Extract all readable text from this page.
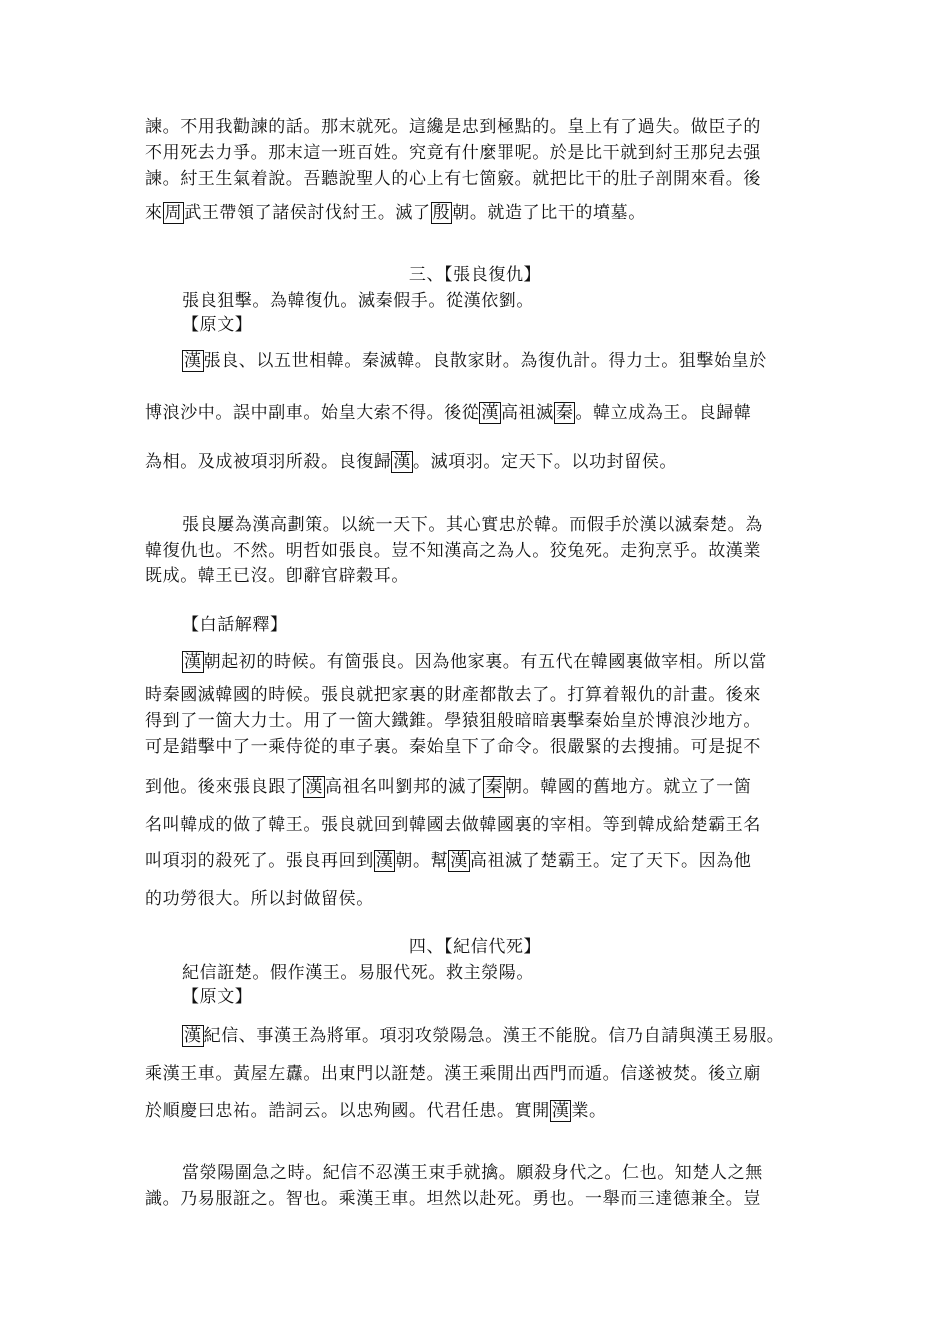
諫。不用我勸諫的話。那末就死。這纔是忠到極點的。皇上有了過失。做臣子的
不用死去力爭。那末這一班百姓。究竟有什麼罪呢。於是比干就到紂王那兒去强
諫。紂王生氣着說。吾聽說聖人的心上有七箇竅。就把比干的肚子剖開來看。後
來 周 武王帶領了諸侯討伐紂王。滅了 殷 朝。就造了比干的墳墓。
三、【張良復仇】
張良狙擊。為韓復仇。滅秦假手。從漢依劉。
【原文】
漢 張良、以五世相韓。秦滅韓。良散家財。為復仇計。得力士。狙擊始皇於
博浪沙中。誤中副車。始皇大索不得。後從 漢 高祖滅 秦 。韓立成為王。良歸韓
為相。及成被項羽所殺。良復歸 漢 。滅項羽。定天下。以功封留侯。
張良屢為漢高劃策。以統一天下。其心實忠於韓。而假手於漢以滅秦楚。為
韓復仇也。不然。明哲如張良。豈不知漢高之為人。狡兔死。走狗烹乎。故漢業
既成。韓王已沒。卽辭官辟穀耳。
【白話解釋】
漢 朝起初的時候。有箇張良。因為他家裏。有五代在韓國裏做宰相。所以當
時秦國滅韓國的時候。張良就把家裏的財產都散去了。打算着報仇的計畫。後來
得到了一箇大力士。用了一箇大鐵錐。學猿狙般暗暗裏擊秦始皇於博浪沙地方。
可是錯擊中了一乘侍從的車子裏。秦始皇下了命令。很嚴緊的去搜捕。可是捉不
到他。後來張良跟了 漢 高祖名叫劉邦的滅了 秦 朝。韓國的舊地方。就立了一箇
名叫韓成的做了韓王。張良就回到韓國去做韓國裏的宰相。等到韓成給楚霸王名
叫項羽的殺死了。張良再回到 漢 朝。幫 漢 高祖滅了楚霸王。定了天下。因為他
的功勞很大。所以封做留侯。
四、【紀信代死】
紀信誑楚。假作漢王。易服代死。救主滎陽。
【原文】
漢 紀信、事漢王為將軍。項羽攻滎陽急。漢王不能脫。信乃自請與漢王易服。
乘漢王車。黃屋左纛。出東門以誑楚。漢王乘閒出西門而遁。信遂被焚。後立廟
於順慶曰忠祐。誥詞云。以忠殉國。代君任患。實開 漢 業。
當滎陽圍急之時。紀信不忍漢王束手就擒。願殺身代之。仁也。知楚人之無
識。乃易服誑之。智也。乘漢王車。坦然以赴死。勇也。一舉而三達德兼全。豈
